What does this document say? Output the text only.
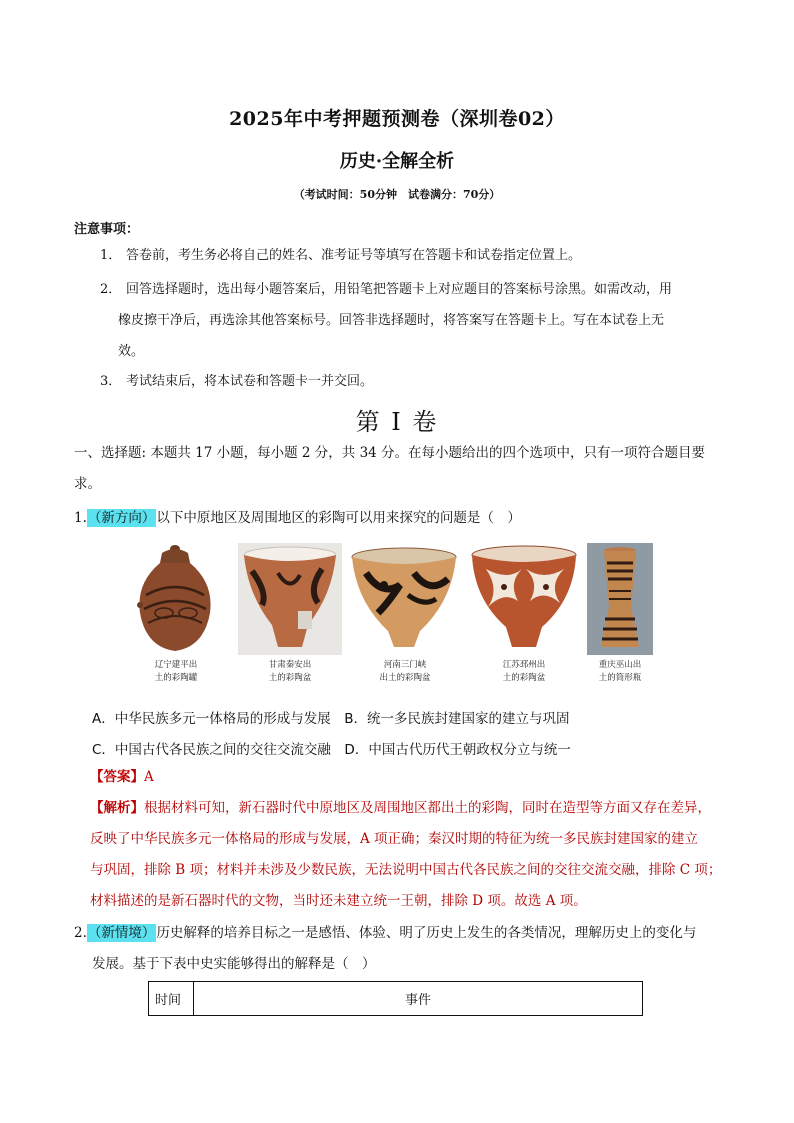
2025年中考押题预测卷（深圳卷02）
历史·全解全析
（考试时间：50分钟　试卷满分：70分）
注意事项：
1． 答卷前，考生务必将自己的姓名、准考证号等填写在答题卡和试卷指定位置上。
2． 回答选择题时，选出每小题答案后，用铅笔把答题卡上对应题目的答案标号涂黑。如需改动，用
橡皮擦干净后，再选涂其他答案标号。回答非选择题时，将答案写在答题卡上。写在本试卷上无
效。
3． 考试结束后，将本试卷和答题卡一并交回。
第 I 卷
一、选择题: 本题共 17 小题，每小题 2 分，共 34 分。在每小题给出的四个选项中，只有一项符合题目要
求。
1.（新方向）以下中原地区及周围地区的彩陶可以用来探究的问题是（　）
辽宁建平出
土的彩陶罐
甘肃秦安出
土的彩陶盆
河南三门峡
出土的彩陶盆
江苏邳州出
土的彩陶盆
重庆巫山出
土的筒形瓶
A．中华民族多元一体格局的形成与发展　B．统一多民族封建国家的建立与巩固
C．中国古代各民族之间的交往交流交融　D．中国古代历代王朝政权分立与统一
【答案】A
【解析】根据材料可知，新石器时代中原地区及周围地区都出土的彩陶，同时在造型等方面又存在差异，
反映了中华民族多元一体格局的形成与发展，A 项正确；秦汉时期的特征为统一多民族封建国家的建立
与巩固，排除 B 项；材料并未涉及少数民族，无法说明中国古代各民族之间的交往交流交融，排除 C 项；
材料描述的是新石器时代的文物，当时还未建立统一王朝，排除 D 项。故选 A 项。
2.（新情境）历史解释的培养目标之一是感悟、体验、明了历史上发生的各类情况，理解历史上的变化与
发展。基于下表中史实能够得出的解释是（　）
时间	事件
